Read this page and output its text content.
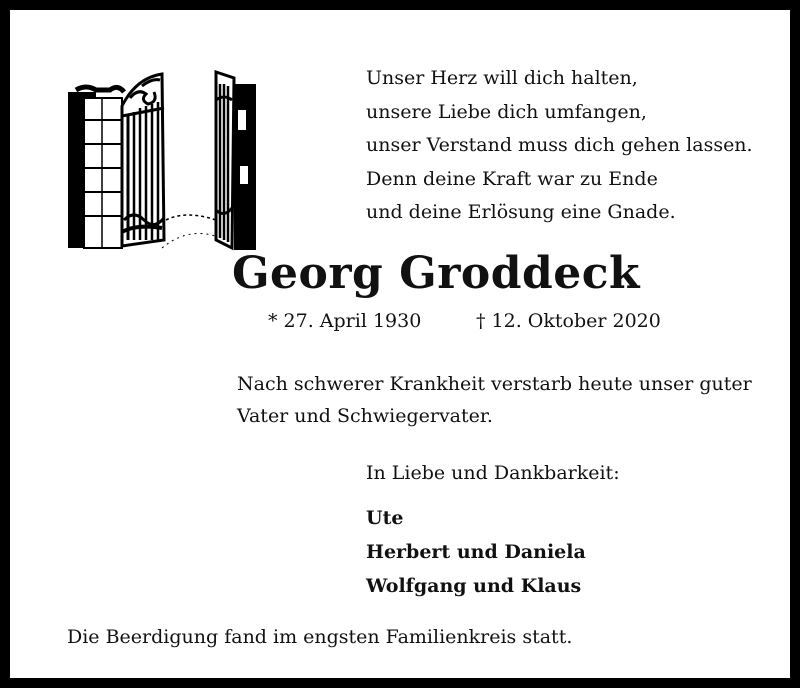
Unser Herz will dich halten,
unsere Liebe dich umfangen,
unser Verstand muss dich gehen lassen.
Denn deine Kraft war zu Ende
und deine Erlösung eine Gnade.
Georg Groddeck
* 27. April 1930	† 12. Oktober 2020
Nach schwerer Krankheit verstarb heute unser guter
Vater und Schwiegervater.
In Liebe und Dankbarkeit:
Ute
Herbert und Daniela
Wolfgang und Klaus
Die Beerdigung fand im engsten Familienkreis statt.
